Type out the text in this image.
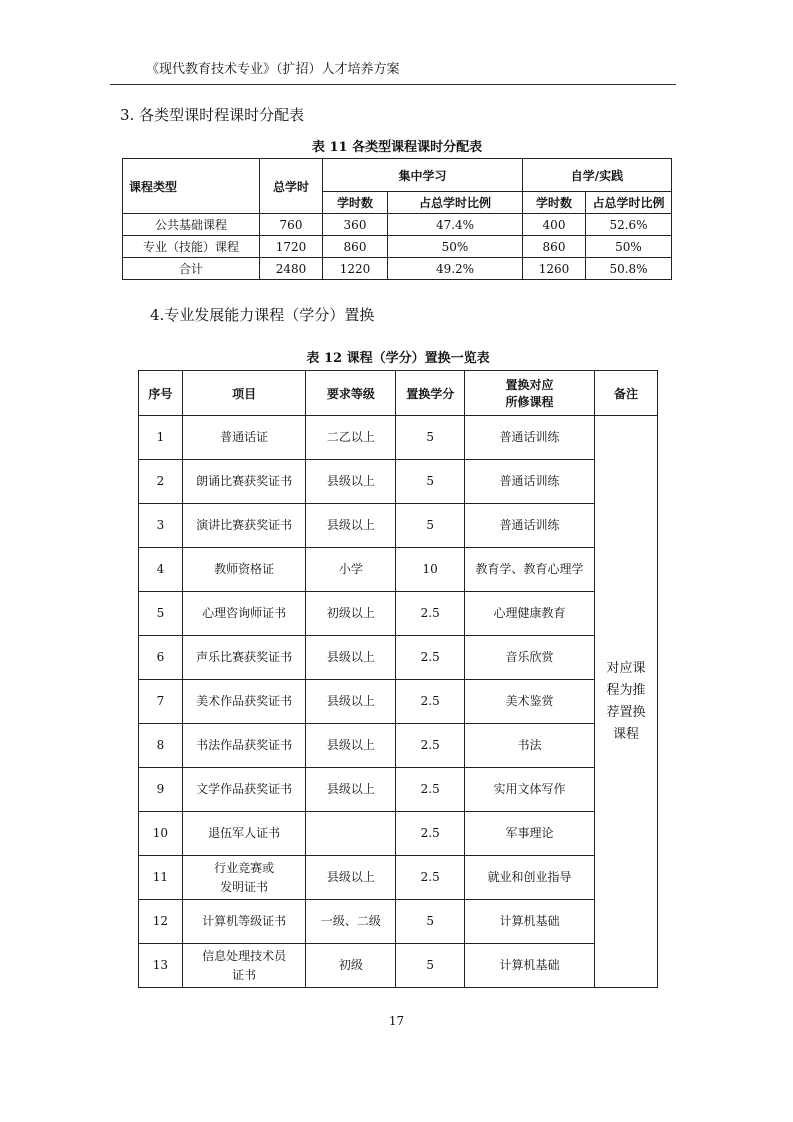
《现代教育技术专业》（扩招）人才培养方案
3. 各类型课时程课时分配表
表 11 各类型课程课时分配表
课程类型	总学时	集中学习		自学/实践	
		学时数	占总学时比例	学时数	占总学时比例
公共基础课程	760	360	47.4%	400	52.6%
专业（技能）课程	1720	860	50%	860	50%
合计	2480	1220	49.2%	1260	50.8%
4.专业发展能力课程（学分）置换
表 12 课程（学分）置换一览表
序号	项目	要求等级	置换学分	置换对应
所修课程	备注
1	普通话证	二乙以上	5	普通话训练	对应课程为推荐置换课程

2	朗诵比赛获奖证书	县级以上	5	普通话训练	
3	演讲比赛获奖证书	县级以上	5	普通话训练	
4	教师资格证	小学	10	教育学、教育心理学	
5	心理咨询师证书	初级以上	2.5	心理健康教育	
6	声乐比赛获奖证书	县级以上	2.5	音乐欣赏	
7	美术作品获奖证书	县级以上	2.5	美术鉴赏	
8	书法作品获奖证书	县级以上	2.5	书法	
9	文学作品获奖证书	县级以上	2.5	实用文体写作	
10	退伍军人证书		2.5	军事理论	
11	行业竞赛或
发明证书	县级以上	2.5	就业和创业指导	
12	计算机等级证书	一级、二级	5	计算机基础	
13	信息处理技术员
证书	初级	5	计算机基础	
17
